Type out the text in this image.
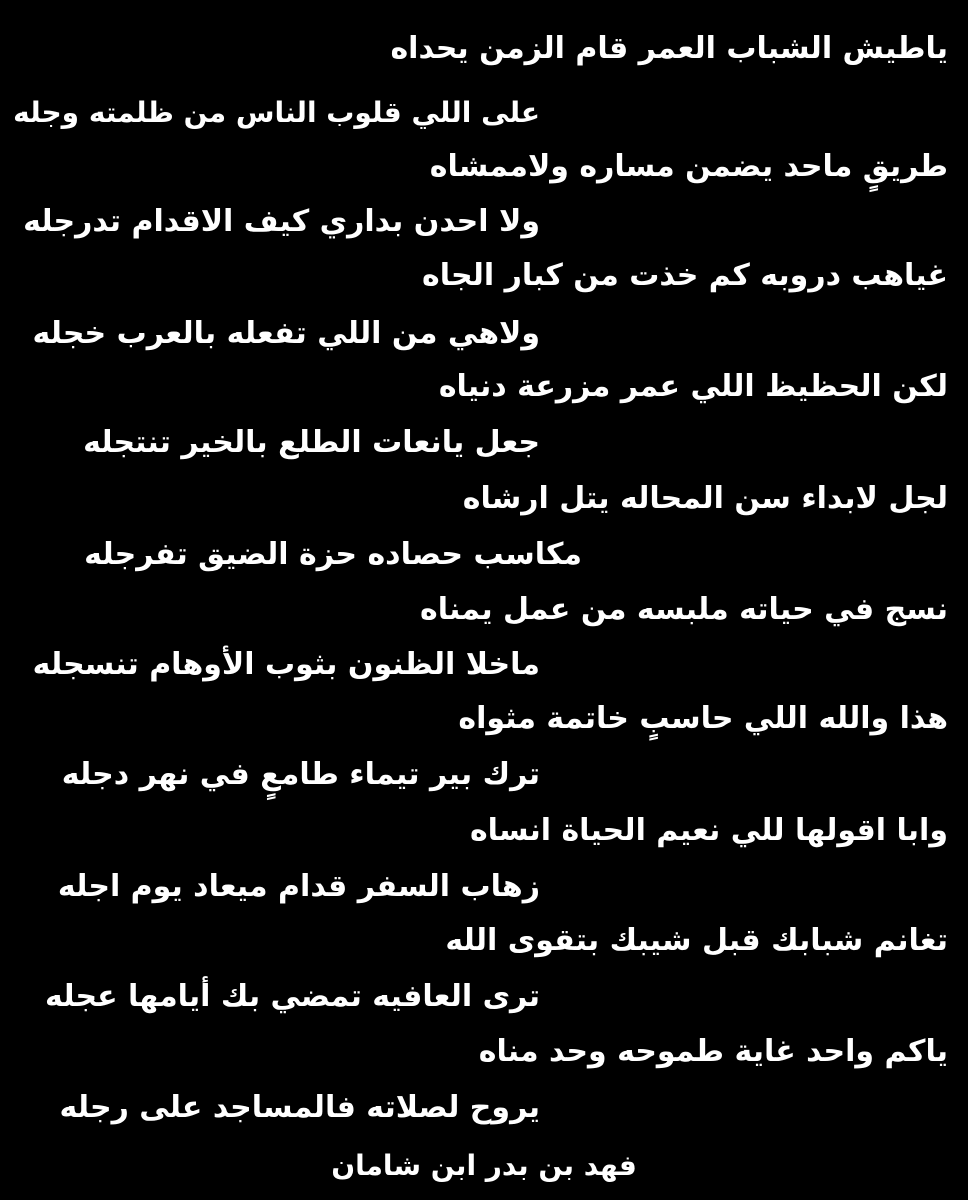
ياطيش الشباب العمر قام الزمن يحداه
على اللي قلوب الناس من ظلمته وجله
طريقٍ ماحد يضمن مساره ولاممشاه
ولا احدن بداري كيف الاقدام تدرجله
غياهب دروبه كم خذت من كبار الجاه
ولاهي من اللي تفعله بالعرب خجله
لكن الحظيظ اللي عمر مزرعة دنياه
جعل يانعات الطلع بالخير تنتجله
لجل لابداء سن المحاله يتل ارشاه
مكاسب حصاده حزة الضيق تفرجله
نسج في حياته ملبسه من عمل يمناه
ماخلا الظنون بثوب الأوهام تنسجله
هذا والله اللي حاسبٍ خاتمة مثواه
ترك بير تيماء طامعٍ في نهر دجله
وابا اقولها للي نعيم الحياة انساه
زهاب السفر قدام ميعاد يوم اجله
تغانم شبابك قبل شيبك بتقوى الله
ترى العافيه تمضي بك أيامها عجله
ياكم واحد غاية طموحه وحد مناه
يروح لصلاته فالمساجد على رجله
فهد بن بدر ابن شامان
